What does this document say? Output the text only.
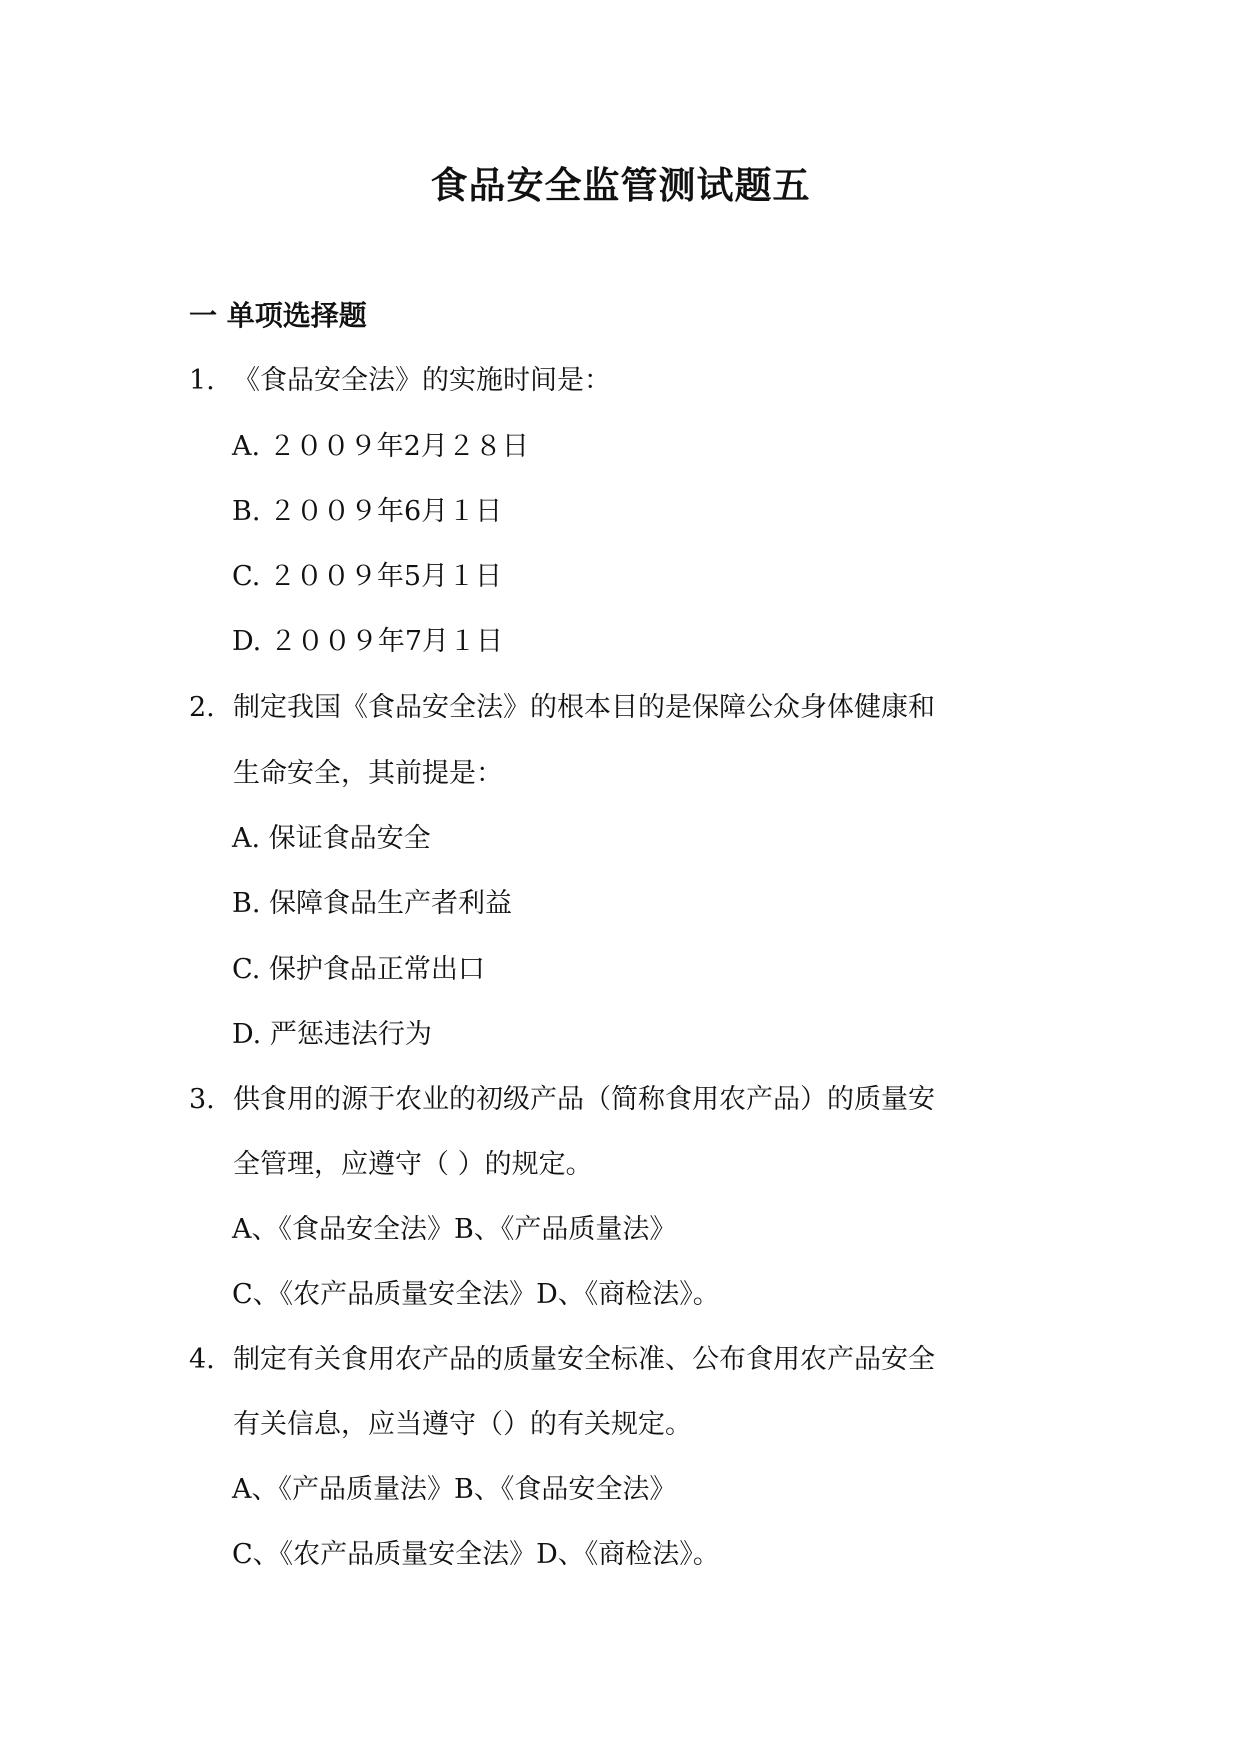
食品安全监管测试题五
一 单项选择题
1. 《食品安全法》的实施时间是：
A. ２００９年2月２８日
B. ２００９年6月１日
C. ２００９年5月１日
D. ２００９年7月１日
2. 制定我国《食品安全法》的根本目的是保障公众身体健康和
生命安全，其前提是：
A. 保证食品安全
B. 保障食品生产者利益
C. 保护食品正常出口
D. 严惩违法行为
3. 供食用的源于农业的初级产品（简称食用农产品）的质量安
全管理，应遵守（ ）的规定。
A、《食品安全法》B、《产品质量法》
C、《农产品质量安全法》D、《商检法》。
4. 制定有关食用农产品的质量安全标准、公布食用农产品安全
有关信息，应当遵守（）的有关规定。
A、《产品质量法》B、《食品安全法》
C、《农产品质量安全法》D、《商检法》。
